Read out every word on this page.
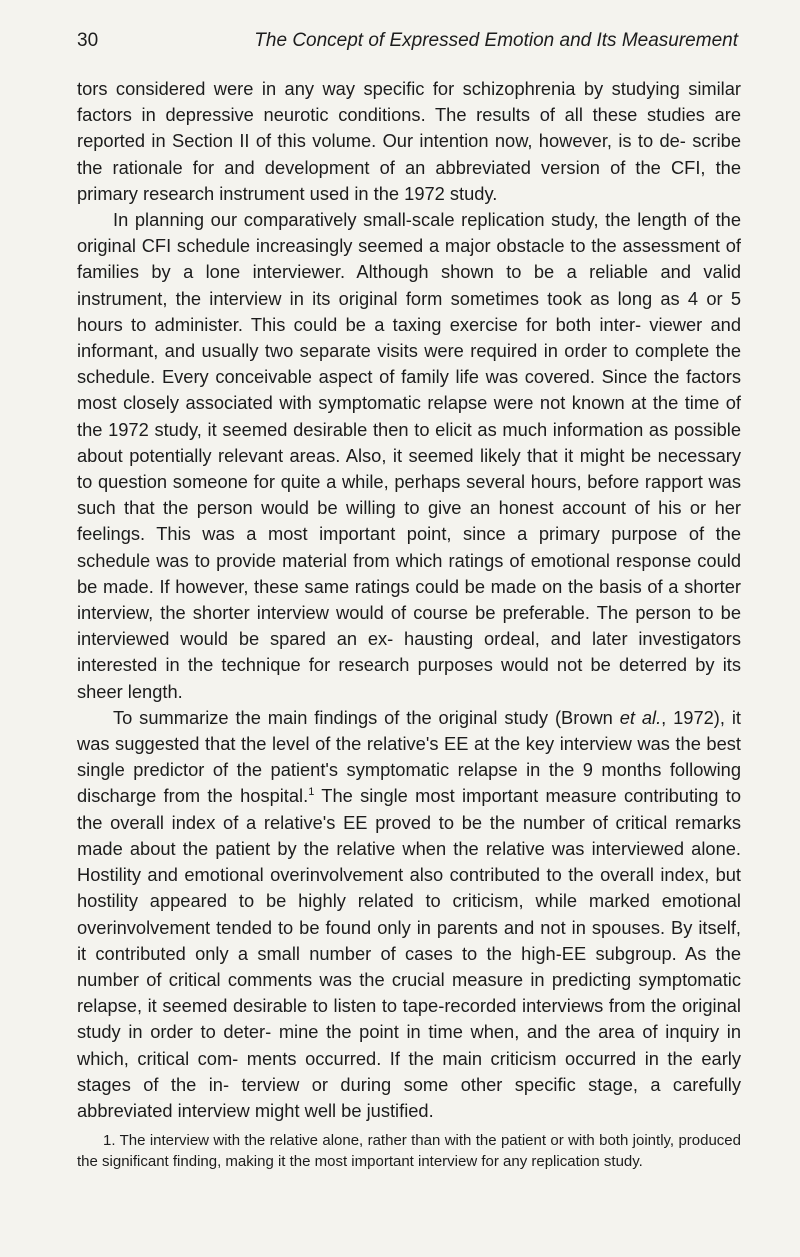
30	The Concept of Expressed Emotion and Its Measurement

tors considered were in any way specific for schizophrenia by studying similar factors in depressive neurotic conditions. The results of all these studies are reported in Section II of this volume. Our intention now, however, is to de- scribe the rationale for and development of an abbreviated version of the CFI, the primary research instrument used in the 1972 study.

In planning our comparatively small-scale replication study, the length of the original CFI schedule increasingly seemed a major obstacle to the assessment of families by a lone interviewer. Although shown to be a reliable and valid instrument, the interview in its original form sometimes took as long as 4 or 5 hours to administer. This could be a taxing exercise for both inter- viewer and informant, and usually two separate visits were required in order to complete the schedule. Every conceivable aspect of family life was covered. Since the factors most closely associated with symptomatic relapse were not known at the time of the 1972 study, it seemed desirable then to elicit as much information as possible about potentially relevant areas. Also, it seemed likely that it might be necessary to question someone for quite a while, perhaps several hours, before rapport was such that the person would be willing to give an honest account of his or her feelings. This was a most important point, since a primary purpose of the schedule was to provide material from which ratings of emotional response could be made. If however, these same ratings could be made on the basis of a shorter interview, the shorter interview would of course be preferable. The person to be interviewed would be spared an ex- hausting ordeal, and later investigators interested in the technique for research purposes would not be deterred by its sheer length.

To summarize the main findings of the original study (Brown et al., 1972), it was suggested that the level of the relative's EE at the key interview was the best single predictor of the patient's symptomatic relapse in the 9 months following discharge from the hospital.$^1$ The single most important measure contributing to the overall index of a relative's EE proved to be the number of critical remarks made about the patient by the relative when the relative was interviewed alone. Hostility and emotional overinvolvement also contributed to the overall index, but hostility appeared to be highly related to criticism, while marked emotional overinvolvement tended to be found only in parents and not in spouses. By itself, it contributed only a small number of cases to the high-EE subgroup. As the number of critical comments was the crucial measure in predicting symptomatic relapse, it seemed desirable to listen to tape-recorded interviews from the original study in order to deter- mine the point in time when, and the area of inquiry in which, critical com- ments occurred. If the main criticism occurred in the early stages of the in- terview or during some other specific stage, a carefully abbreviated interview might well be justified.

1. The interview with the relative alone, rather than with the patient or with both jointly, produced the significant finding, making it the most important interview for any replication study.
